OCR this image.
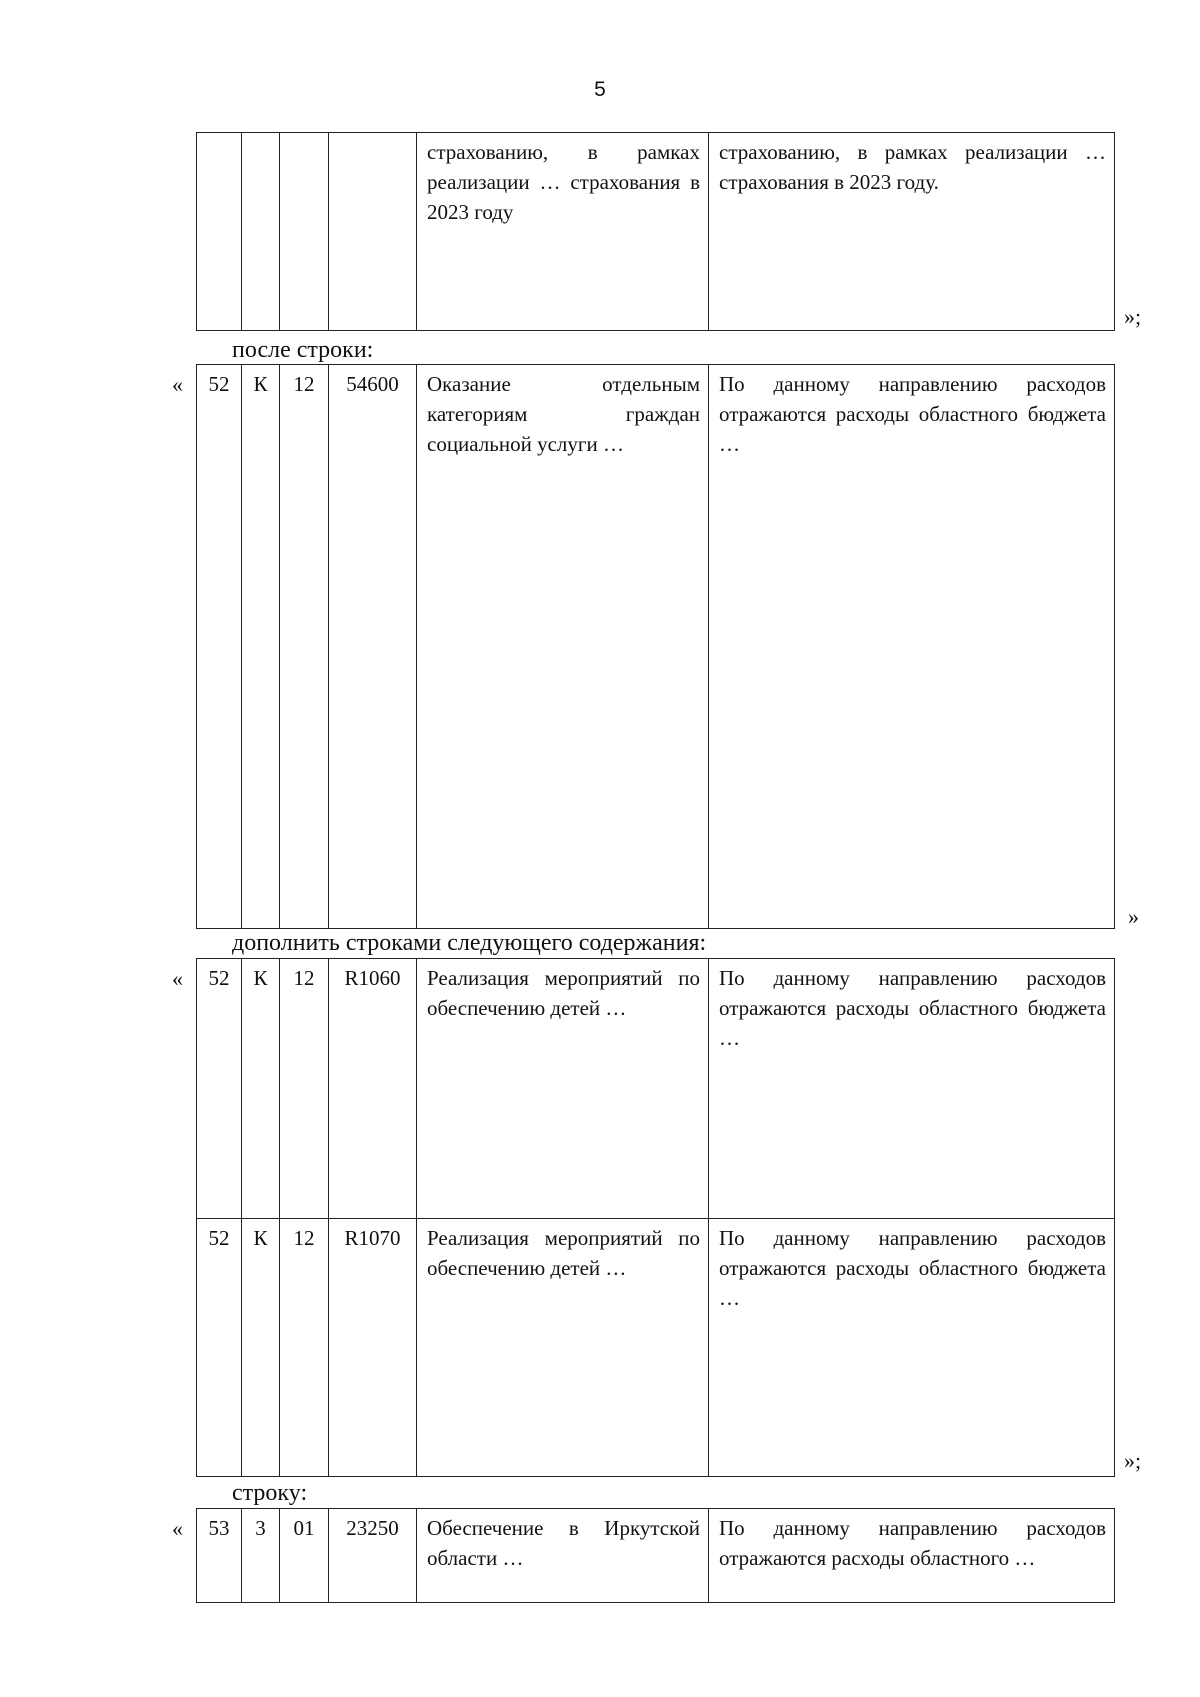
5
				страхованию, в рамках реализации … страхования в 2023 году	страхованию, в рамках реализации … страхования в 2023 году.
»;
после строки:
« 52	К	12	54600	Оказание отдельным категориям граждан социальной услуги …	По данному направлению расходов отражаются расходы областного бюджета …
»
дополнить строками следующего содержания:
« 52	К	12	R1060	Реализация мероприятий по обеспечению детей …	По данному направлению расходов отражаются расходы областного бюджета …
52	К	12	R1070	Реализация мероприятий по обеспечению детей …	По данному направлению расходов отражаются расходы областного бюджета …
»;
строку:
« 53	3	01	23250	Обеспечение в Иркутской области …	По данному направлению расходов отражаются расходы областного …
